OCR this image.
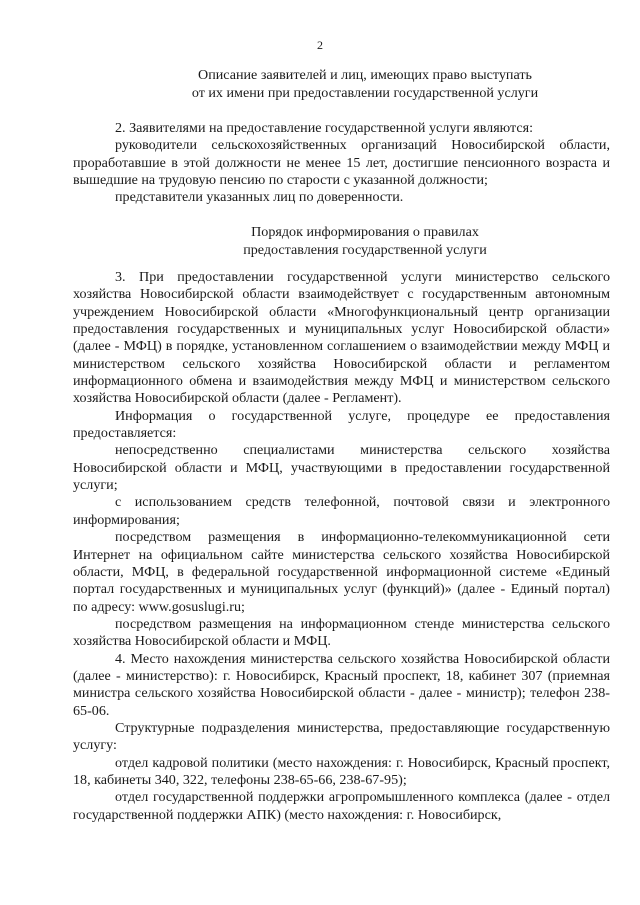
2
Описание заявителей и лиц, имеющих право выступать
от их имени при предоставлении государственной услуги

2. Заявителями на предоставление государственной услуги являются:

руководители сельскохозяйственных организаций Новосибирской области, проработавшие в этой должности не менее 15 лет, достигшие пенсионного возраста и вышедшие на трудовую пенсию по старости с указанной должности;

представители указанных лиц по доверенности.

Порядок информирования о правилах
предоставления государственной услуги

3. При предоставлении государственной услуги министерство сельского хозяйства Новосибирской области взаимодействует с государственным автономным учреждением Новосибирской области «Многофункциональный центр организации предоставления государственных и муниципальных услуг Новосибирской области» (далее - МФЦ) в порядке, установленном соглашением о взаимодействии между МФЦ и министерством сельского хозяйства Новосибирской области и регламентом информационного обмена и взаимодействия между МФЦ и министерством сельского хозяйства Новосибирской области (далее - Регламент).

Информация о государственной услуге, процедуре ее предоставления предоставляется:

непосредственно специалистами министерства сельского хозяйства Новосибирской области и МФЦ, участвующими в предоставлении государственной услуги;

с использованием средств телефонной, почтовой связи и электронного информирования;

посредством размещения в информационно-телекоммуникационной сети Интернет на официальном сайте министерства сельского хозяйства Новосибирской области, МФЦ, в федеральной государственной информационной системе «Единый портал государственных и муниципальных услуг (функций)» (далее - Единый портал) по адресу: www.gosuslugi.ru;

посредством размещения на информационном стенде министерства сельского хозяйства Новосибирской области и МФЦ.

4. Место нахождения министерства сельского хозяйства Новосибирской области (далее - министерство): г. Новосибирск, Красный проспект, 18, кабинет 307 (приемная министра сельского хозяйства Новосибирской области - далее - министр); телефон 238-65-06.

Структурные подразделения министерства, предоставляющие государственную услугу:

отдел кадровой политики (место нахождения: г. Новосибирск, Красный проспект, 18, кабинеты 340, 322, телефоны 238-65-66, 238-67-95);

отдел государственной поддержки агропромышленного комплекса (далее - отдел государственной поддержки АПК) (место нахождения: г. Новосибирск,
